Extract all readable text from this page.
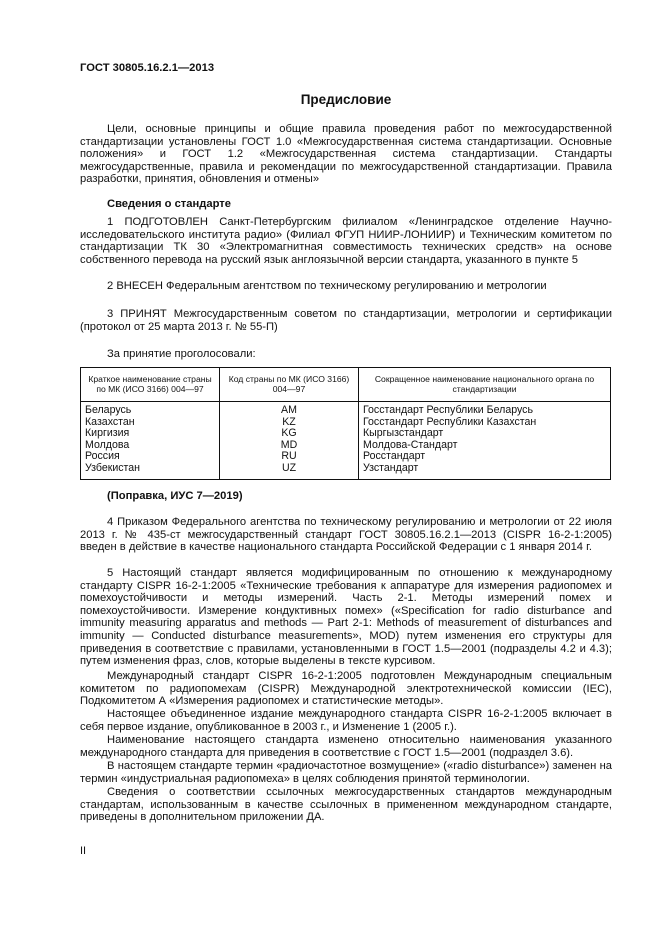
ГОСТ 30805.16.2.1—2013
Предисловие
Цели, основные принципы и общие правила проведения работ по межгосударственной стандартизации установлены ГОСТ 1.0 «Межгосударственная система стандартизации. Основные положения» и ГОСТ 1.2 «Межгосударственная система стандартизации. Стандарты межгосударственные, правила и рекомендации по межгосударственной стандартизации. Правила разработки, принятия, обновления и отмены»
Сведения о стандарте
1 ПОДГОТОВЛЕН Санкт-Петербургским филиалом «Ленинградское отделение Научно-исследовательского института радио» (Филиал ФГУП НИИР-ЛОНИИР) и Техническим комитетом по стандартизации ТК 30 «Электромагнитная совместимость технических средств» на основе собственного перевода на русский язык англоязычной версии стандарта, указанного в пункте 5
2 ВНЕСЕН Федеральным агентством по техническому регулированию и метрологии
3 ПРИНЯТ Межгосударственным советом по стандартизации, метрологии и сертификации (протокол от 25 марта 2013 г. № 55-П)
За принятие проголосовали:
Краткое наименование страны по МК (ИСО 3166) 004—97	Код страны по МК (ИСО 3166) 004—97	Сокращенное наименование национального органа по стандартизации
Беларусь	AM	Госстандарт Республики Беларусь
Казахстан	KZ	Госстандарт Республики Казахстан
Киргизия	KG	Кыргызстандарт
Молдова	MD	Молдова-Стандарт
Россия	RU	Росстандарт
Узбекистан	UZ	Узстандарт
(Поправка, ИУС 7—2019)
4 Приказом Федерального агентства по техническому регулированию и метрологии от 22 июля 2013 г. № 435-ст межгосударственный стандарт ГОСТ 30805.16.2.1—2013 (CISPR 16-2-1:2005) введен в действие в качестве национального стандарта Российской Федерации с 1 января 2014 г.
5 Настоящий стандарт является модифицированным по отношению к международному стандарту CISPR 16-2-1:2005 «Технические требования к аппаратуре для измерения радиопомех и помехоустойчивости и методы измерений. Часть 2-1. Методы измерений помех и помехоустойчивости. Измерение кондуктивных помех» («Specification for radio disturbance and immunity measuring apparatus and methods — Part 2-1: Methods of measurement of disturbances and immunity — Conducted disturbance measurements», MOD) путем изменения его структуры для приведения в соответствие с правилами, установленными в ГОСТ 1.5—2001 (подразделы 4.2 и 4.3); путем изменения фраз, слов, которые выделены в тексте курсивом.
Международный стандарт CISPR 16-2-1:2005 подготовлен Международным специальным комитетом по радиопомехам (CISPR) Международной электротехнической комиссии (IEC), Подкомитетом А «Измерения радиопомех и статистические методы».
Настоящее объединенное издание международного стандарта CISPR 16-2-1:2005 включает в себя первое издание, опубликованное в 2003 г., и Изменение 1 (2005 г.).
Наименование настоящего стандарта изменено относительно наименования указанного международного стандарта для приведения в соответствие с ГОСТ 1.5—2001 (подраздел 3.6).
В настоящем стандарте термин «радиочастотное возмущение» («radio disturbance») заменен на термин «индустриальная радиопомеха» в целях соблюдения принятой терминологии.
Сведения о соответствии ссылочных межгосударственных стандартов международным стандартам, использованным в качестве ссылочных в примененном международном стандарте, приведены в дополнительном приложении ДА.
II
